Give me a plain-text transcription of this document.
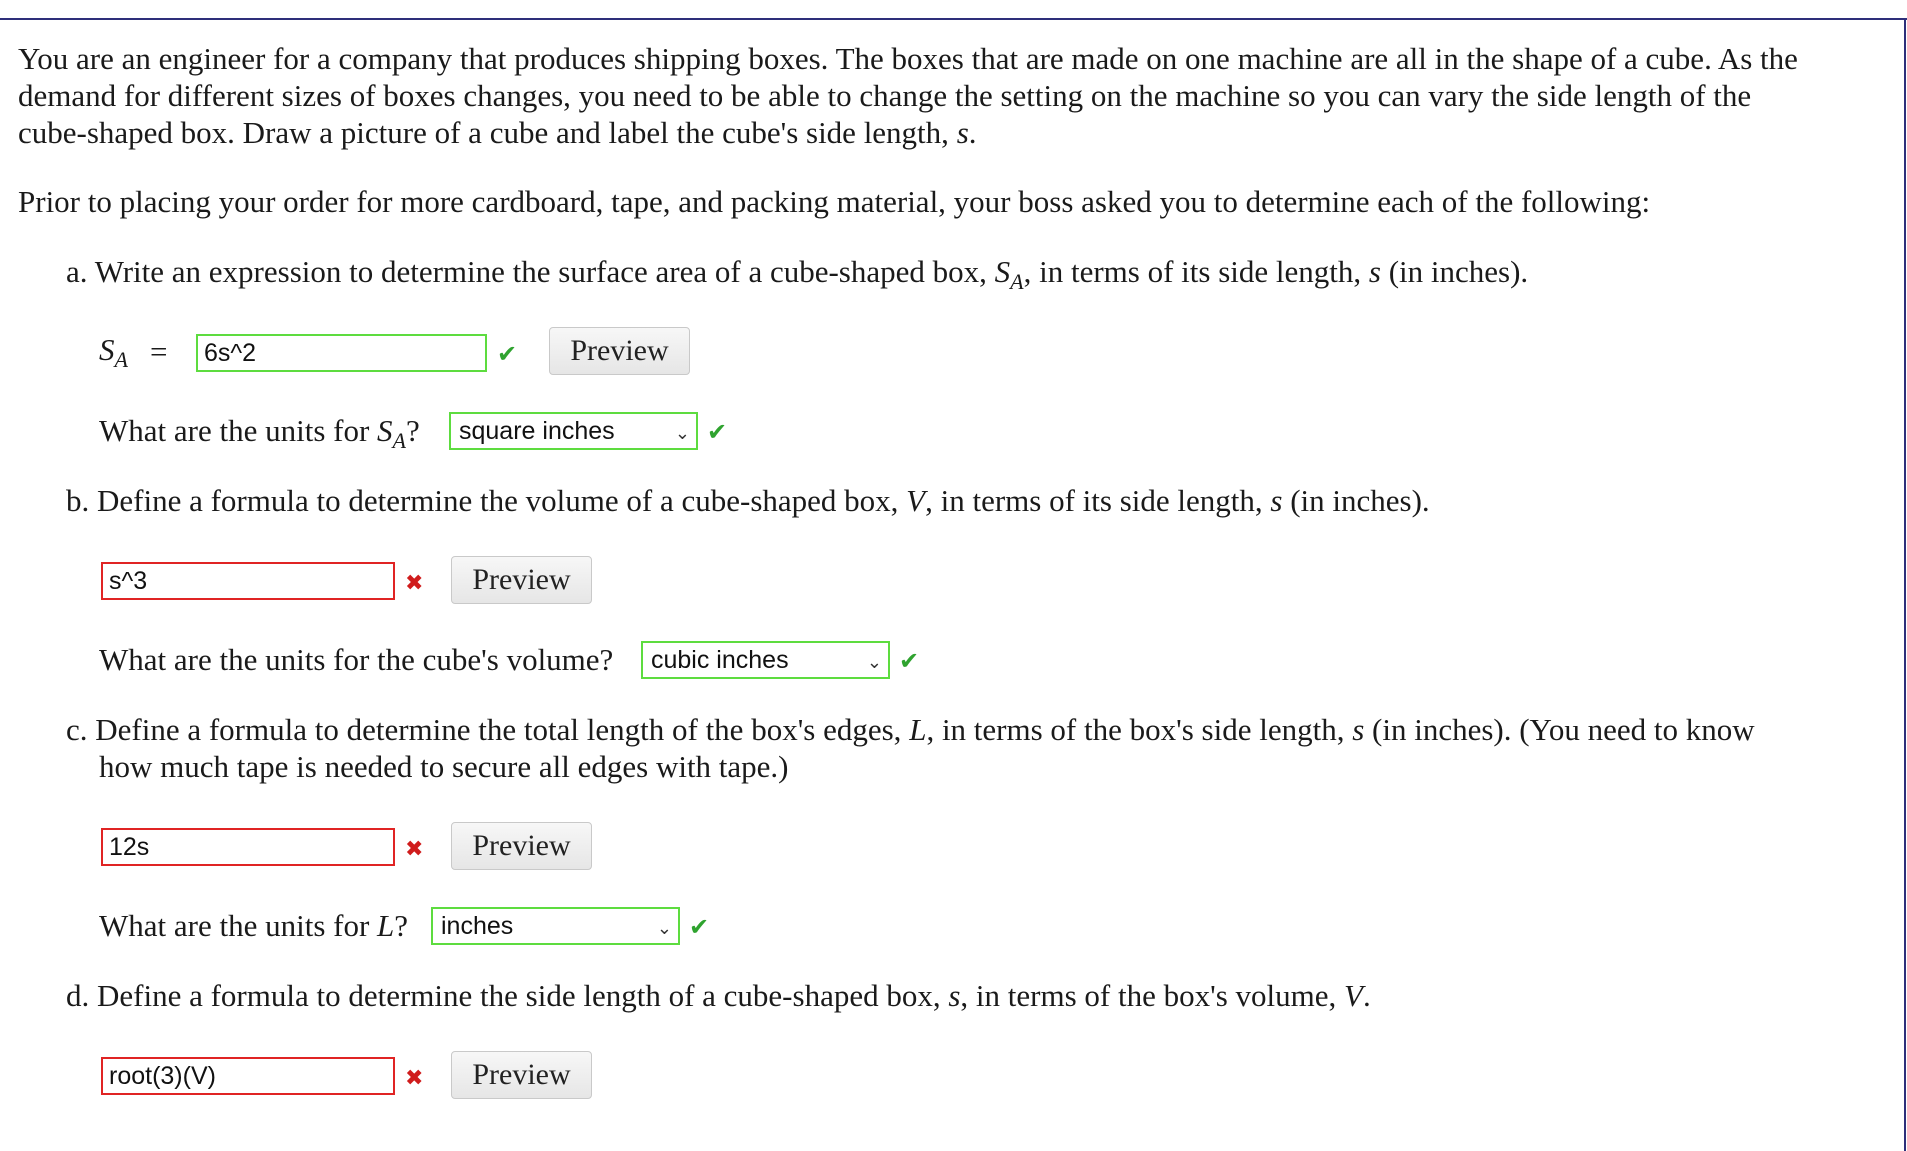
You are an engineer for a company that produces shipping boxes. The boxes that are made on one machine are all in the shape of a cube. As the
demand for different sizes of boxes changes, you need to be able to change the setting on the machine so you can vary the side length of the
cube-shaped box. Draw a picture of a cube and label the cube's side length, s.
Prior to placing your order for more cardboard, tape, and packing material, your boss asked you to determine each of the following:
a. Write an expression to determine the surface area of a cube-shaped box, $S_A$, in terms of its side length, s (in inches).
$S_A$ =	6s^2	✔	Preview
What are the units for $S_A$?	square inches	⌄ ✔
b. Define a formula to determine the volume of a cube-shaped box, V, in terms of its side length, s (in inches).
s^3	✖	Preview
What are the units for the cube's volume?	cubic inches	⌄ ✔
c. Define a formula to determine the total length of the box's edges, L, in terms of the box's side length, s (in inches). (You need to know
how much tape is needed to secure all edges with tape.)
12s	✖	Preview
What are the units for L?	inches	⌄ ✔
d. Define a formula to determine the side length of a cube-shaped box, s, in terms of the box's volume, V.
root(3)(V)	✖	Preview
